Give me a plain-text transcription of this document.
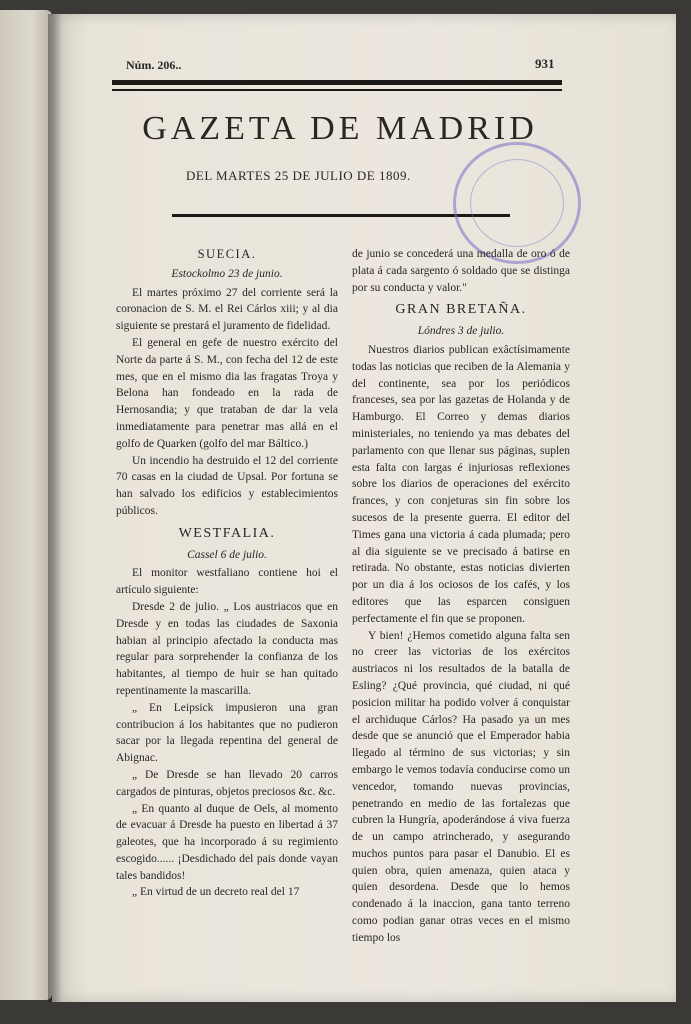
Núm. 206..	931
GAZETA DE MADRID
DEL MARTES 25 DE JULIO DE 1809.
SUECIA.
Estockolmo 23 de junio.

El martes próximo 27 del corriente será la coronacion de S. M. el Rei Cárlos xiii; y al dia siguiente se prestará el juramento de fidelidad.

El general en gefe de nuestro exército del Norte da parte á S. M., con fecha del 12 de este mes, que en el mismo dia las fragatas Troya y Belona han fondeado en la rada de Hernosandia; y que trataban de dar la vela inmediatamente para penetrar mas allá en el golfo de Quarken (golfo del mar Báltico.)

Un incendio ha destruido el 12 del corriente 70 casas en la ciudad de Upsal. Por fortuna se han salvado los edificios y establecimientos públicos.

WESTFALIA.
Cassel 6 de julio.

El monitor westfaliano contiene hoi el artículo siguiente:

Dresde 2 de julio. „ Los austriacos que en Dresde y en todas las ciudades de Saxonia habian al principio afectado la conducta mas regular para sorprehender la confianza de los habitantes, al tiempo de huir se han quitado repentinamente la mascarilla.

„ En Leipsick impusieron una gran contribucion á los habitantes que no pudieron sacar por la llegada repentina del general de Abignac.

„ De Dresde se han llevado 20 carros cargados de pinturas, objetos preciosos &c. &c.

„ En quanto al duque de Oels, al momento de evacuar á Dresde ha puesto en libertad á 37 galeotes, que ha incorporado á su regimiento escogido...... ¡Desdichado del pais donde vayan tales bandidos!

„ En virtud de un decreto real del 17

de junio se concederá una medalla de oro ó de plata á cada sargento ó soldado que se distinga por su conducta y valor."

GRAN BRETAÑA.
Lóndres 3 de julio.

Nuestros diarios publican exâctísimamente todas las noticias que reciben de la Alemania y del continente, sea por los periódicos franceses, sea por las gazetas de Holanda y de Hamburgo. El Correo y demas diarios ministeriales, no teniendo ya mas debates del parlamento con que llenar sus páginas, suplen esta falta con largas é injuriosas reflexiones sobre los diarios de operaciones del exército frances, y con conjeturas sin fin sobre los sucesos de la presente guerra. El editor del Times gana una victoria á cada plumada; pero al dia siguiente se ve precisado á batirse en retirada. No obstante, estas noticias divierten por un dia á los ociosos de los cafés, y los editores que las esparcen consiguen perfectamente el fin que se proponen.

Y bien! ¿Hemos cometido alguna falta sen no creer las victorias de los exércitos austriacos ni los resultados de la batalla de Esling? ¿Qué provincia, qué ciudad, ni qué posicion militar ha podido volver á conquistar el archiduque Cárlos? Ha pasado ya un mes desde que se anunció que el Emperador habia llegado al término de sus victorias; y sin embargo le vemos todavía conducirse como un vencedor, tomando nuevas provincias, penetrando en medio de las fortalezas que cubren la Hungría, apoderándose á viva fuerza de un campo atrincherado, y asegurando muchos puntos para pasar el Danubio. El es quien obra, quien amenaza, quien ataca y quien desordena. Desde que lo hemos condenado á la inaccion, gana tanto terreno como podian ganar otras veces en el mismo tiempo los
